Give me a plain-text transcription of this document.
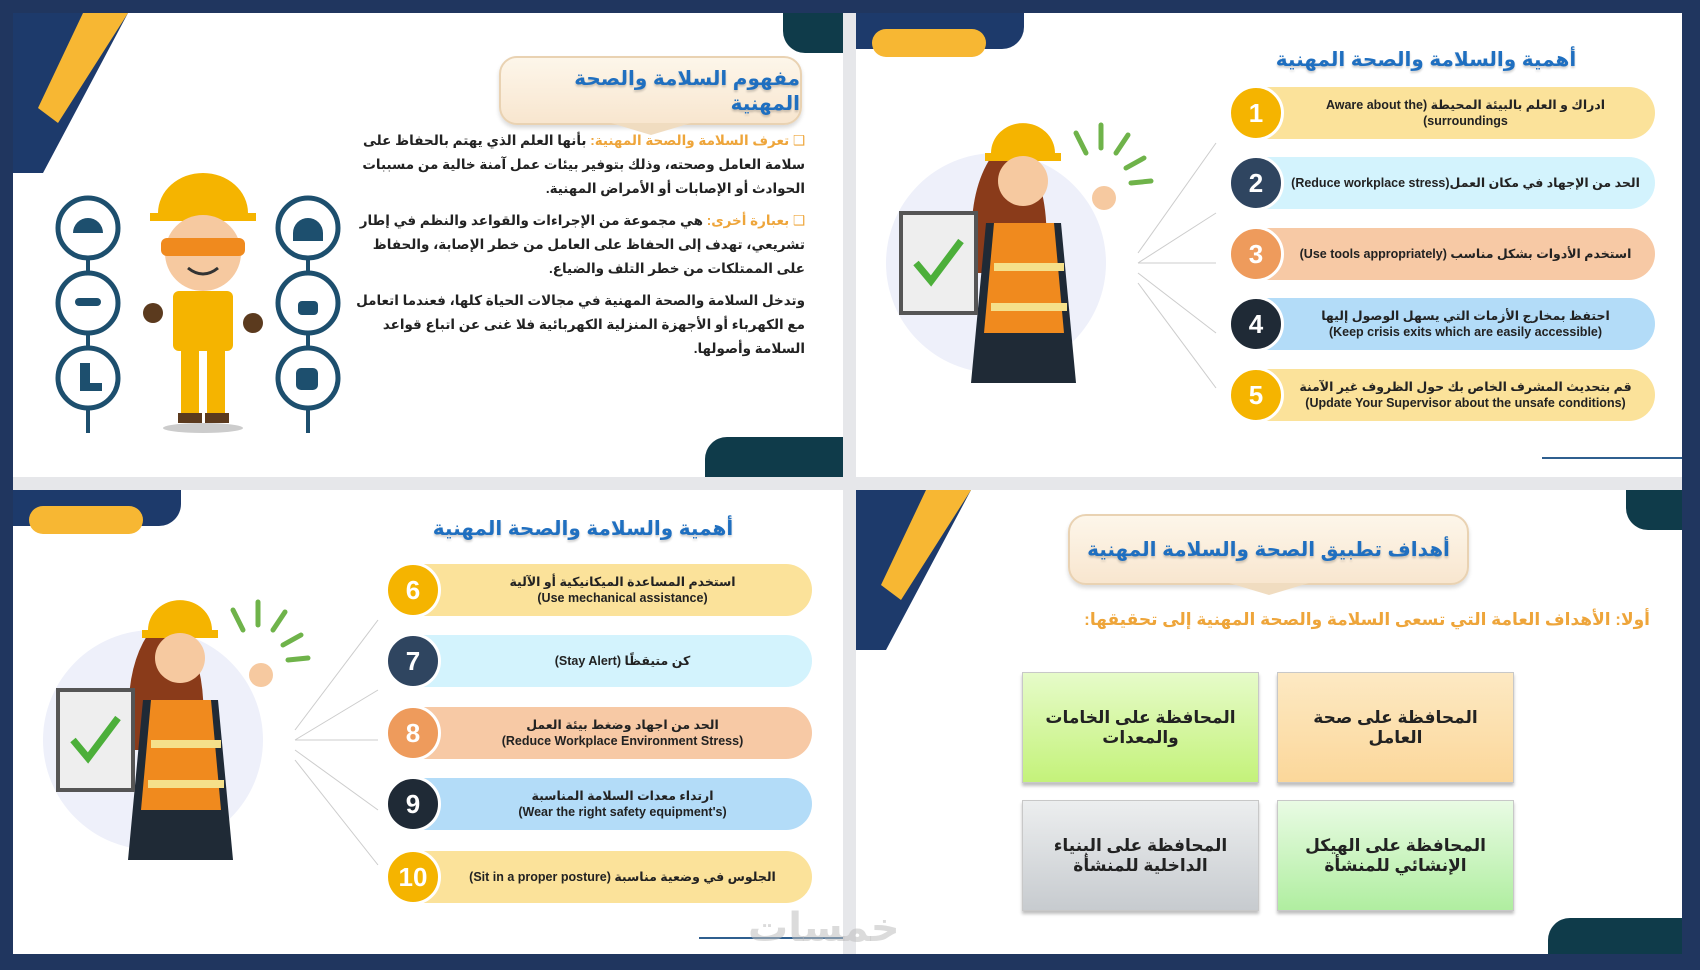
مفهوم السلامة والصحة المهنية
❑ تعرف السلامة والصحة المهنية: بأنها العلم الذي يهتم بالحفاظ على سلامة العامل وصحته، وذلك بتوفير بيئات عمل آمنة خالية من مسببات الحوادث أو الإصابات أو الأمراض المهنية.
❑ بعبارة أخرى: هي مجموعة من الإجراءات والقواعد والنظم في إطار تشريعي، تهدف إلى الحفاظ على العامل من خطر الإصابة، والحفاظ على الممتلكات من خطر التلف والضياع.
وتدخل السلامة والصحة المهنية في مجالات الحياة كلها، فعندما اتعامل مع الكهرباء أو الأجهزة المنزلية الكهربائية فلا غنى عن اتباع قواعد السلامة وأصولها.
أهمية والسلامة والصحة المهنية
1	ادراك و العلم بالبيئة المحيطة (Aware about the surroundings)
2	الحد من الإجهاد في مكان العمل(Reduce workplace stress)
3	استخدم الأدوات بشكل مناسب (Use tools appropriately)
4	احتفظ بمخارج الأزمات التي يسهل الوصول إليها
(Keep crisis exits which are easily accessible)
5	قم بتحديث المشرف الخاص بك حول الظروف غير الآمنة
(Update Your Supervisor about the unsafe conditions)
أهمية والسلامة والصحة المهنية
6	استخدم المساعدة الميكانيكية أو الآلية
(Use mechanical assistance)
7	كن متيقظًا (Stay Alert)
8	الحد من اجهاد وضغط بيئة العمل
(Reduce Workplace Environment Stress)
9	ارتداء معدات السلامة المناسبة
(Wear the right safety equipment's)
10	الجلوس في وضعية مناسبة (Sit in a proper posture)
أهداف تطبيق الصحة والسلامة المهنية
أولا: الأهداف العامة التي تسعى السلامة والصحة المهنية إلى تحقيقها:
المحافظة على صحة العامل
المحافظة على الخامات والمعدات
المحافظة على الهيكل الإنشائي للمنشأة
المحافظة على البنياء الداخلية للمنشأة
خمسات
